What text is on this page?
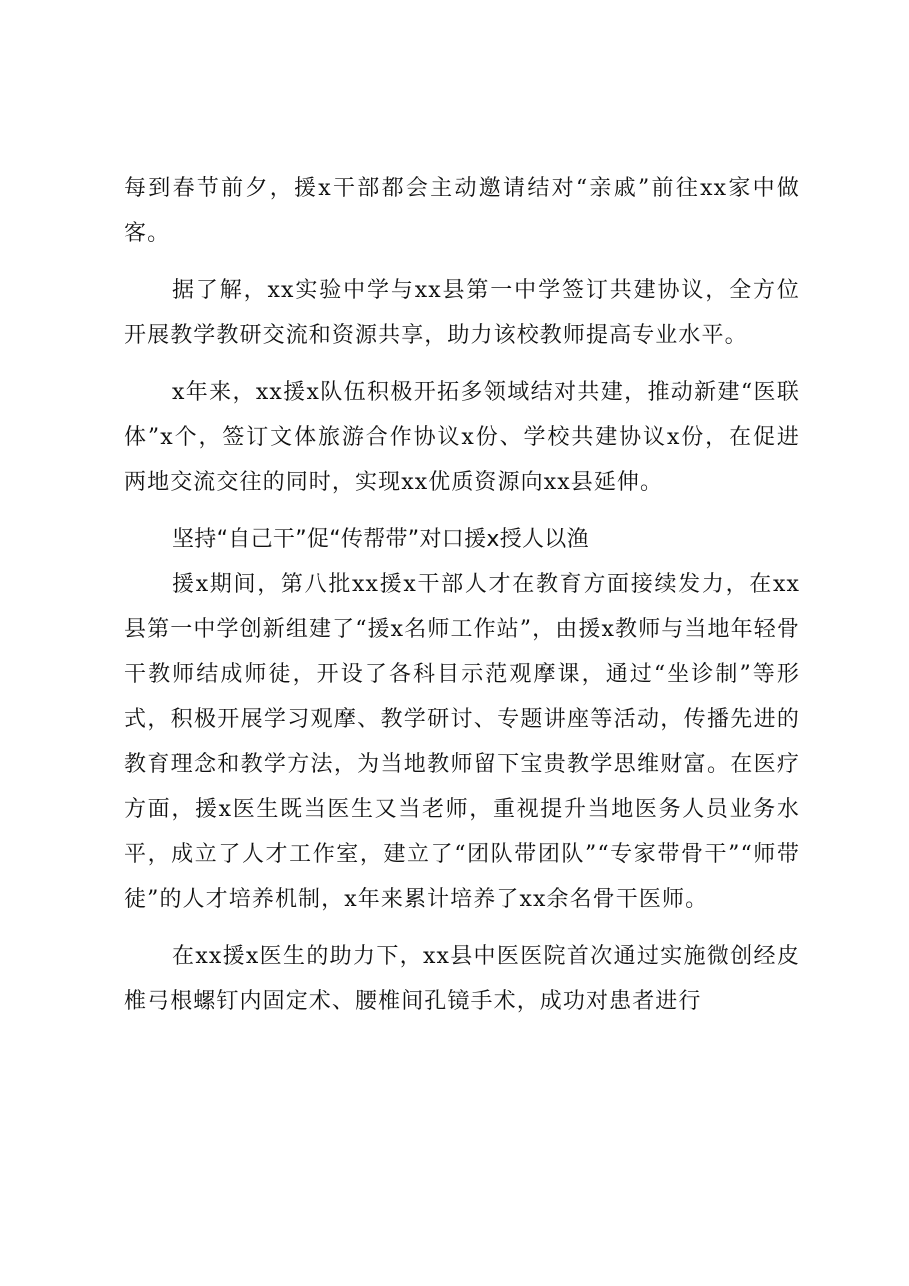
每到春节前夕，援x干部都会主动邀请结对“亲戚”前往xx家中做客。

据了解，xx实验中学与xx县第一中学签订共建协议，全方位开展教学教研交流和资源共享，助力该校教师提高专业水平。

x年来，xx援x队伍积极开拓多领域结对共建，推动新建“医联体”x个，签订文体旅游合作协议x份、学校共建协议x份，在促进两地交流交往的同时，实现xx优质资源向xx县延伸。

坚持“自己干”促“传帮带”对口援x授人以渔

援x期间，第八批xx援x干部人才在教育方面接续发力，在xx县第一中学创新组建了“援x名师工作站”，由援x教师与当地年轻骨干教师结成师徒，开设了各科目示范观摩课，通过“坐诊制”等形式，积极开展学习观摩、教学研讨、专题讲座等活动，传播先进的教育理念和教学方法，为当地教师留下宝贵教学思维财富。在医疗方面，援x医生既当医生又当老师，重视提升当地医务人员业务水平，成立了人才工作室，建立了“团队带团队”“专家带骨干”“师带徒”的人才培养机制，x年来累计培养了xx余名骨干医师。

在xx援x医生的助力下，xx县中医医院首次通过实施微创经皮椎弓根螺钉内固定术、腰椎间孔镜手术，成功对患者进行
